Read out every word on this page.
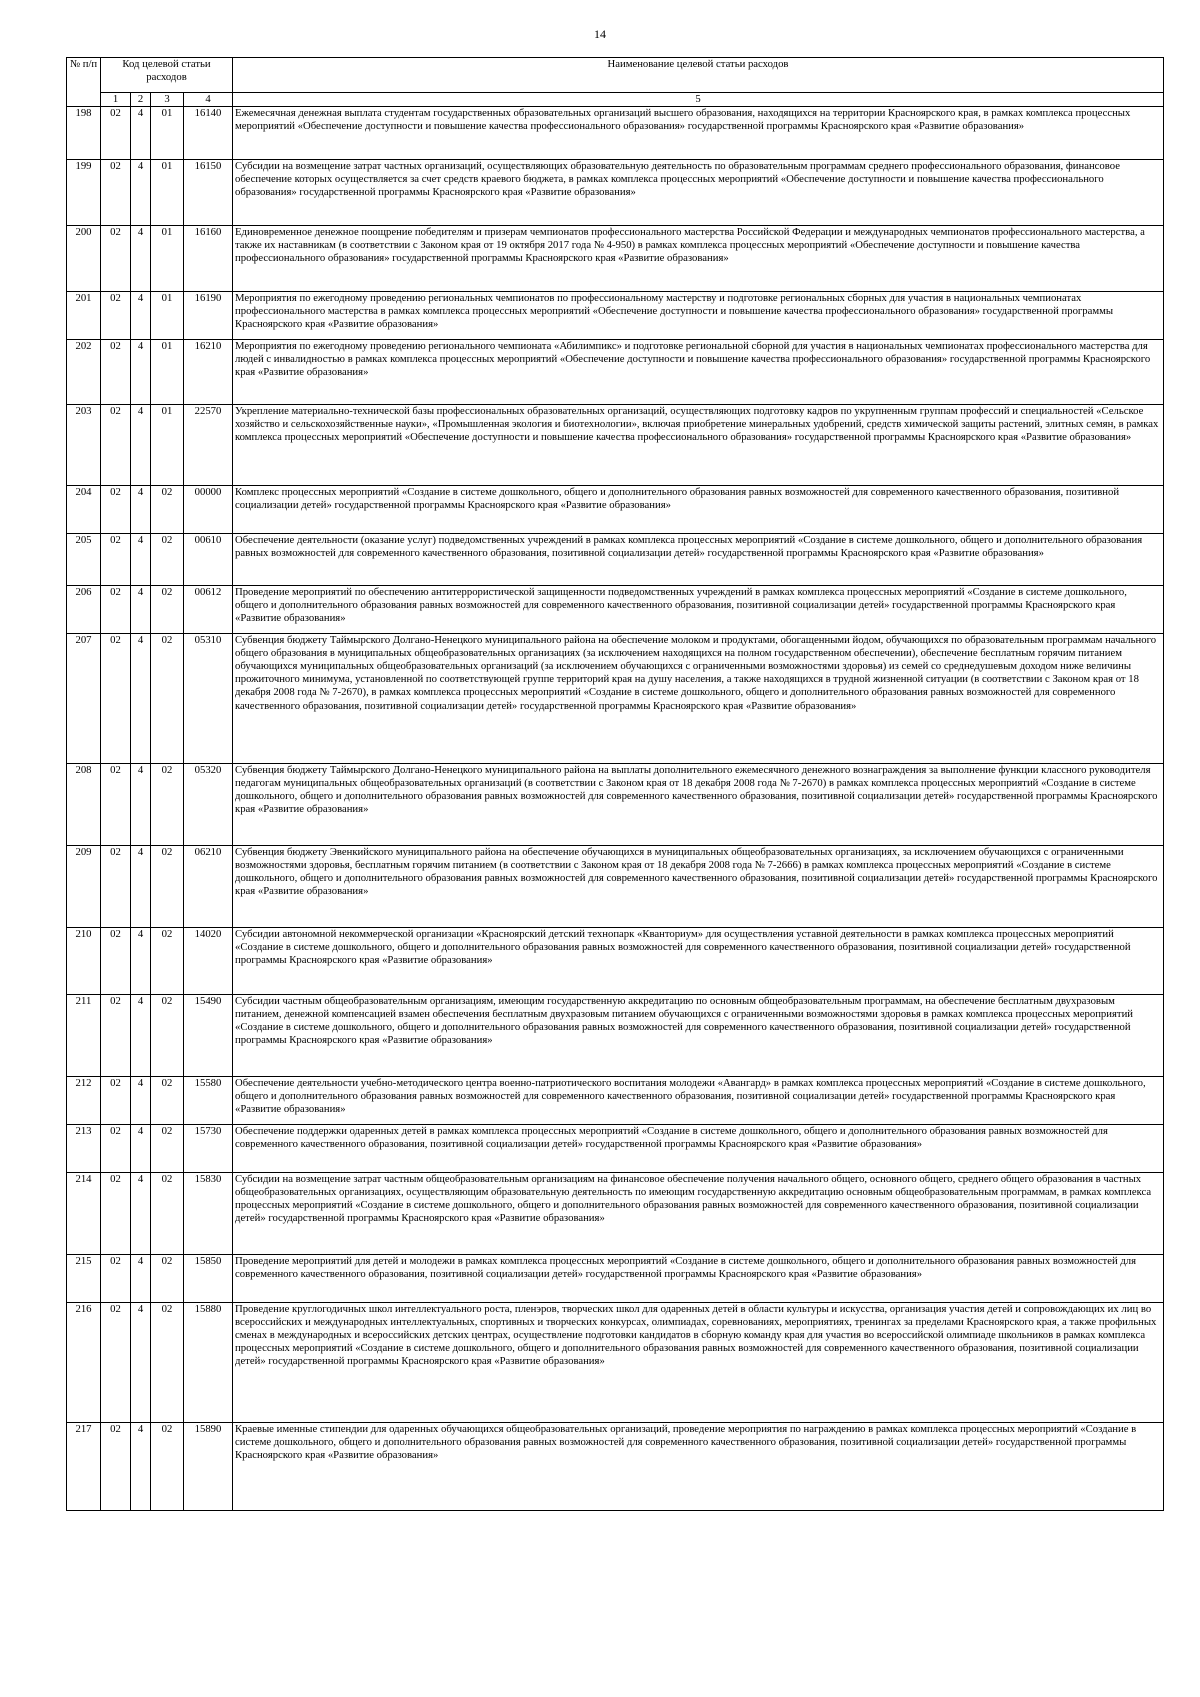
14
№ п/п	Код целевой статьи расходов				Наименование целевой статьи расходов
	1	2	3	4	5
198	02	4	01	16140	Ежемесячная денежная выплата студентам государственных образовательных организаций высшего образования, находящихся на территории Красноярского края, в рамках комплекса процессных мероприятий «Обеспечение доступности и повышение качества профессионального образования» государственной программы Красноярского края «Развитие образования»
199	02	4	01	16150	Субсидии на возмещение затрат частных организаций, осуществляющих образовательную деятельность по образовательным программам среднего профессионального образования, финансовое обеспечение которых осуществляется за счет средств краевого бюджета, в рамках комплекса процессных мероприятий «Обеспечение доступности и повышение качества профессионального образования» государственной программы Красноярского края «Развитие образования»
200	02	4	01	16160	Единовременное денежное поощрение победителям и призерам чемпионатов профессионального мастерства Российской Федерации и международных чемпионатов профессионального мастерства, а также их наставникам (в соответствии с Законом края от 19 октября 2017 года № 4-950) в рамках комплекса процессных мероприятий «Обеспечение доступности и повышение качества профессионального образования» государственной программы Красноярского края «Развитие образования»
201	02	4	01	16190	Мероприятия по ежегодному проведению региональных чемпионатов по профессиональному мастерству и подготовке региональных сборных для участия в национальных чемпионатах профессионального мастерства в рамках комплекса процессных мероприятий «Обеспечение доступности и повышение качества профессионального образования» государственной программы Красноярского края «Развитие образования»
202	02	4	01	16210	Мероприятия по ежегодному проведению регионального чемпионата «Абилимпикс» и подготовке региональной сборной для участия в национальных чемпионатах профессионального мастерства для людей с инвалидностью в рамках комплекса процессных мероприятий «Обеспечение доступности и повышение качества профессионального образования» государственной программы Красноярского края «Развитие образования»
203	02	4	01	22570	Укрепление материально-технической базы профессиональных образовательных организаций, осуществляющих подготовку кадров по укрупненным группам профессий и специальностей «Сельское хозяйство и сельскохозяйственные науки», «Промышленная экология и биотехнологии», включая приобретение минеральных удобрений, средств химической защиты растений, элитных семян, в рамках комплекса процессных мероприятий «Обеспечение доступности и повышение качества профессионального образования» государственной программы Красноярского края «Развитие образования»
204	02	4	02	00000	Комплекс процессных мероприятий «Создание в системе дошкольного, общего и дополнительного образования равных возможностей для современного качественного образования, позитивной социализации детей» государственной программы Красноярского края «Развитие образования»
205	02	4	02	00610	Обеспечение деятельности (оказание услуг) подведомственных учреждений в рамках комплекса процессных мероприятий «Создание в системе дошкольного, общего и дополнительного образования равных возможностей для современного качественного образования, позитивной социализации детей» государственной программы Красноярского края «Развитие образования»
206	02	4	02	00612	Проведение мероприятий по обеспечению антитеррористической защищенности подведомственных учреждений в рамках комплекса процессных мероприятий «Создание в системе дошкольного, общего и дополнительного образования равных возможностей для современного качественного образования, позитивной социализации детей» государственной программы Красноярского края «Развитие образования»
207	02	4	02	05310	Субвенция бюджету Таймырского Долгано-Ненецкого муниципального района на обеспечение молоком и продуктами, обогащенными йодом, обучающихся по образовательным программам начального общего образования в муниципальных общеобразовательных организациях (за исключением находящихся на полном государственном обеспечении), обеспечение бесплатным горячим питанием обучающихся муниципальных общеобразовательных организаций (за исключением обучающихся с ограниченными возможностями здоровья) из семей со среднедушевым доходом ниже величины прожиточного минимума, установленной по соответствующей группе территорий края на душу населения, а также находящихся в трудной жизненной ситуации (в соответствии с Законом края от 18 декабря 2008 года № 7-2670), в рамках комплекса процессных мероприятий «Создание в системе дошкольного, общего и дополнительного образования равных возможностей для современного качественного образования, позитивной социализации детей» государственной программы Красноярского края «Развитие образования»
208	02	4	02	05320	Субвенция бюджету Таймырского Долгано-Ненецкого муниципального района на выплаты дополнительного ежемесячного денежного вознаграждения за выполнение функции классного руководителя педагогам муниципальных общеобразовательных организаций (в соответствии с Законом края от 18 декабря 2008 года № 7-2670) в рамках комплекса процессных мероприятий «Создание в системе дошкольного, общего и дополнительного образования равных возможностей для современного качественного образования, позитивной социализации детей» государственной программы Красноярского края «Развитие образования»
209	02	4	02	06210	Субвенция бюджету Эвенкийского муниципального района на обеспечение обучающихся в муниципальных общеобразовательных организациях, за исключением обучающихся с ограниченными возможностями здоровья, бесплатным горячим питанием (в соответствии с Законом края от 18 декабря 2008 года № 7-2666) в рамках комплекса процессных мероприятий «Создание в системе дошкольного, общего и дополнительного образования равных возможностей для современного качественного образования, позитивной социализации детей» государственной программы Красноярского края «Развитие образования»
210	02	4	02	14020	Субсидии автономной некоммерческой организации «Красноярский детский технопарк «Кванториум» для осуществления уставной деятельности в рамках комплекса процессных мероприятий «Создание в системе дошкольного, общего и дополнительного образования равных возможностей для современного качественного образования, позитивной социализации детей» государственной программы Красноярского края «Развитие образования»
211	02	4	02	15490	Субсидии частным общеобразовательным организациям, имеющим государственную аккредитацию по основным общеобразовательным программам, на обеспечение бесплатным двухразовым питанием, денежной компенсацией взамен обеспечения бесплатным двухразовым питанием обучающихся с ограниченными возможностями здоровья в рамках комплекса процессных мероприятий «Создание в системе дошкольного, общего и дополнительного образования равных возможностей для современного качественного образования, позитивной социализации детей» государственной программы Красноярского края «Развитие образования»
212	02	4	02	15580	Обеспечение деятельности учебно-методического центра военно-патриотического воспитания молодежи «Авангард» в рамках комплекса процессных мероприятий «Создание в системе дошкольного, общего и дополнительного образования равных возможностей для современного качественного образования, позитивной социализации детей» государственной программы Красноярского края «Развитие образования»
213	02	4	02	15730	Обеспечение поддержки одаренных детей в рамках комплекса процессных мероприятий «Создание в системе дошкольного, общего и дополнительного образования равных возможностей для современного качественного образования, позитивной социализации детей» государственной программы Красноярского края «Развитие образования»
214	02	4	02	15830	Субсидии на возмещение затрат частным общеобразовательным организациям на финансовое обеспечение получения начального общего, основного общего, среднего общего образования в частных общеобразовательных организациях, осуществляющим образовательную деятельность по имеющим государственную аккредитацию основным общеобразовательным программам, в рамках комплекса процессных мероприятий «Создание в системе дошкольного, общего и дополнительного образования равных возможностей для современного качественного образования, позитивной социализации детей» государственной программы Красноярского края «Развитие образования»
215	02	4	02	15850	Проведение мероприятий для детей и молодежи в рамках комплекса процессных мероприятий «Создание в системе дошкольного, общего и дополнительного образования равных возможностей для современного качественного образования, позитивной социализации детей» государственной программы Красноярского края «Развитие образования»
216	02	4	02	15880	Проведение круглогодичных школ интеллектуального роста, пленэров, творческих школ для одаренных детей в области культуры и искусства, организация участия детей и сопровождающих их лиц во всероссийских и международных интеллектуальных, спортивных и творческих конкурсах, олимпиадах, соревнованиях, мероприятиях, тренингах за пределами Красноярского края, а также профильных сменах в международных и всероссийских детских центрах, осуществление подготовки кандидатов в сборную команду края для участия во всероссийской олимпиаде школьников в рамках комплекса процессных мероприятий «Создание в системе дошкольного, общего и дополнительного образования равных возможностей для современного качественного образования, позитивной социализации детей» государственной программы Красноярского края «Развитие образования»
217	02	4	02	15890	Краевые именные стипендии для одаренных обучающихся общеобразовательных организаций, проведение мероприятия по награждению в рамках комплекса процессных мероприятий «Создание в системе дошкольного, общего и дополнительного образования равных возможностей для современного качественного образования, позитивной социализации детей» государственной программы Красноярского края «Развитие образования»
